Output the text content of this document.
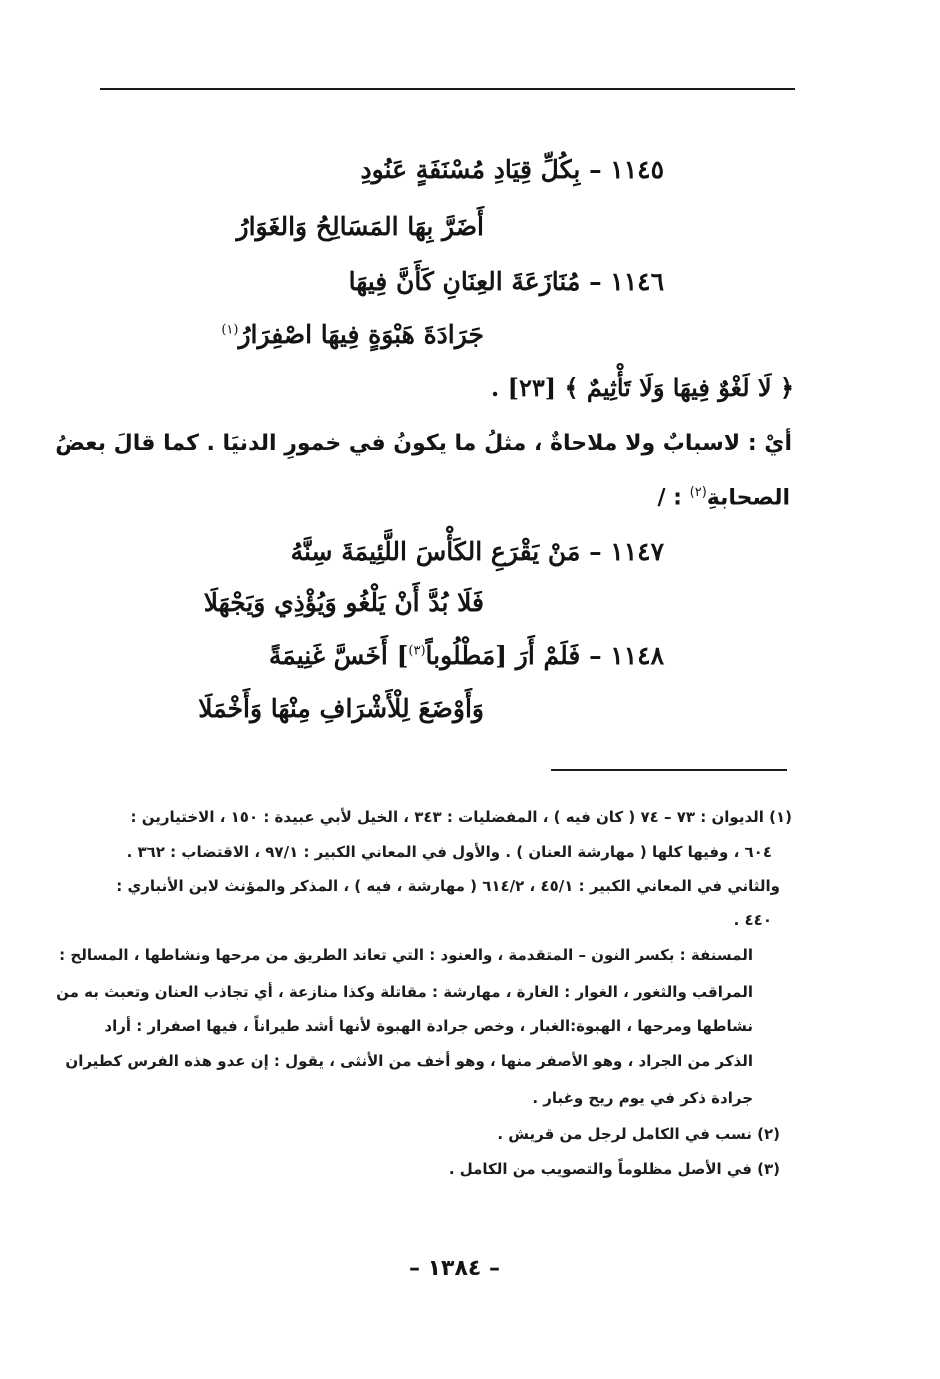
١١٤٥ – بِكُلِّ قِيَادِ مُسْنَفَةٍ عَنُودِ
أَضَرَّ بِهَا المَسَالِحُ وَالغَوَارُ
١١٤٦ – مُنَازَعَةَ العِنَانِ كَأَنَّ فِيهَا
جَرَادَةَ هَبْوَةٍ فِيهَا اصْفِرَارُ$^{(١)}$
﴿ لَا لَغْوٌ فِيهَا وَلَا تَأْثِيمٌ ﴾ [٢٣] .
أيْ : لاسبابٌ ولا ملاحاةٌ ، مثلُ ما يكونُ في خمورِ الدنيَا . كما قالَ بعضُ
الصحابةِ$^{(٢)}$ : /
١١٤٧ – مَنْ يَقْرَعِ الكَأْسَ اللَّئِيمَةَ سِنَّهُ
فَلَا بُدَّ أَنْ يَلْغُو وَيُؤْذِي وَيَجْهَلَا
١١٤٨ – فَلَمْ أَرَ [مَطْلُوباً$^{(٣)}$] أَخَسَّ غَنِيمَةً
وَأَوْضَعَ لِلْأَشْرَافِ مِنْهَا وَأَخْمَلَا
(١) الديوان : ٧٣ – ٧٤ ( كان فيه ) ، المفضليات : ٣٤٣ ، الخيل لأبي عبيدة : ١٥٠ ، الاختيارين :
٦٠٤ ، وفيها كلها ( مهارشة العنان ) . والأول في المعاني الكبير : ٩٧/١ ، الاقتضاب : ٣٦٢ .
والثاني في المعاني الكبير : ٤٥/١ ، ٦١٤/٢ ( مهارشة ، فيه ) ، المذكر والمؤنث لابن الأنباري :
٤٤٠ .
المسنفة : بكسر النون – المتقدمة ، والعنود : التي تعاند الطريق من مرحها ونشاطها ، المسالح :
المراقب والثغور ، الغوار : الغارة ، مهارشة : مقاتلة وكذا منازعة ، أي تجاذب العنان وتعبث به من
نشاطها ومرحها ، الهبوة:الغبار ، وخص جرادة الهبوة لأنها أشد طيراناً ، فيها اصفرار : أراد
الذكر من الجراد ، وهو الأصفر منها ، وهو أخف من الأنثى ، يقول : إن عدو هذه الفرس كطيران
جرادة ذكر في يوم ريح وغبار .
(٢) نسب في الكامل لرجل من قريش .
(٣) في الأصل مظلوماً والتصويب من الكامل .
– ١٣٨٤ –
